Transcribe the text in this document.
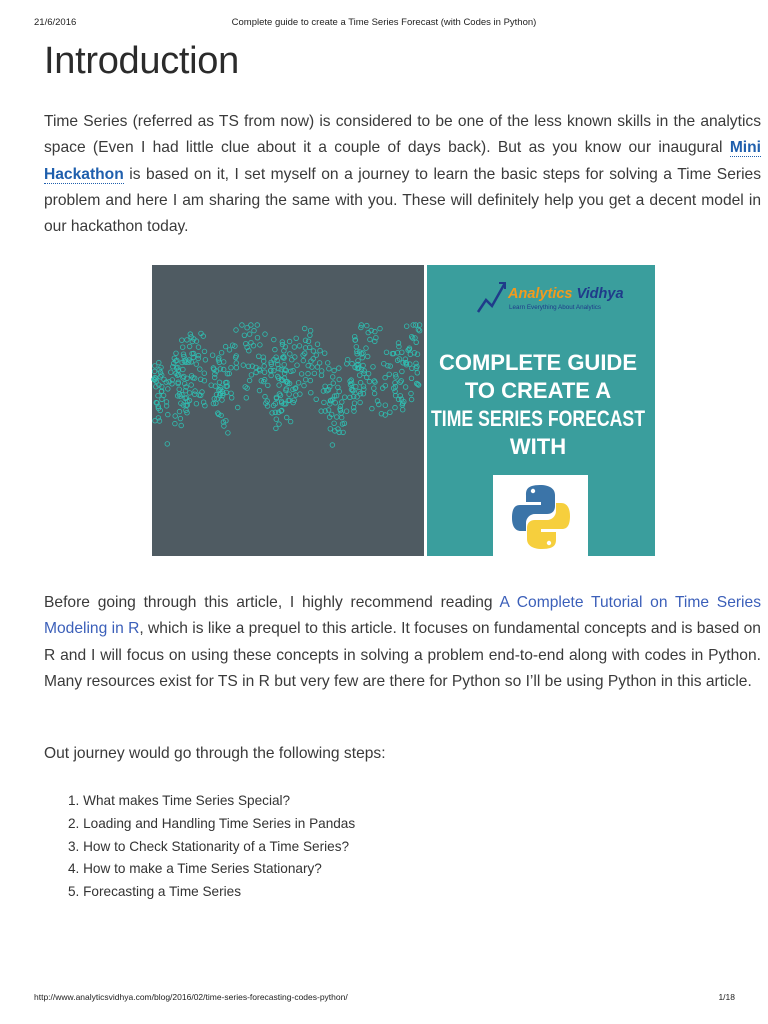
21/6/2016	Complete guide to create a Time Series Forecast (with Codes in Python)
Introduction

Time Series (referred as TS from now) is considered to be one of the less known skills in the analytics space (Even I had little clue about it a couple of days back). But as you know our inaugural Mini Hackathon is based on it, I set myself on a journey to learn the basic steps for solving a Time Series problem and here I am sharing the same with you. These will definitely help you get a decent model in our hackathon today.

Analytics Vidhya
Learn Everything About Analytics
COMPLETE GUIDE
TO CREATE A
TIME SERIES FORECAST
WITH

Before going through this article, I highly recommend reading A Complete Tutorial on Time Series Modeling in R, which is like a prequel to this article. It focuses on fundamental concepts and is based on R and I will focus on using these concepts in solving a problem end-to-end along with codes in Python. Many resources exist for TS in R but very few are there for Python so I’ll be using Python in this article.

Out journey would go through the following steps:

1. What makes Time Series Special?
2. Loading and Handling Time Series in Pandas
3. How to Check Stationarity of a Time Series?
4. How to make a Time Series Stationary?
5. Forecasting a Time Series
http://www.analyticsvidhya.com/blog/2016/02/time-series-forecasting-codes-python/	1/18
